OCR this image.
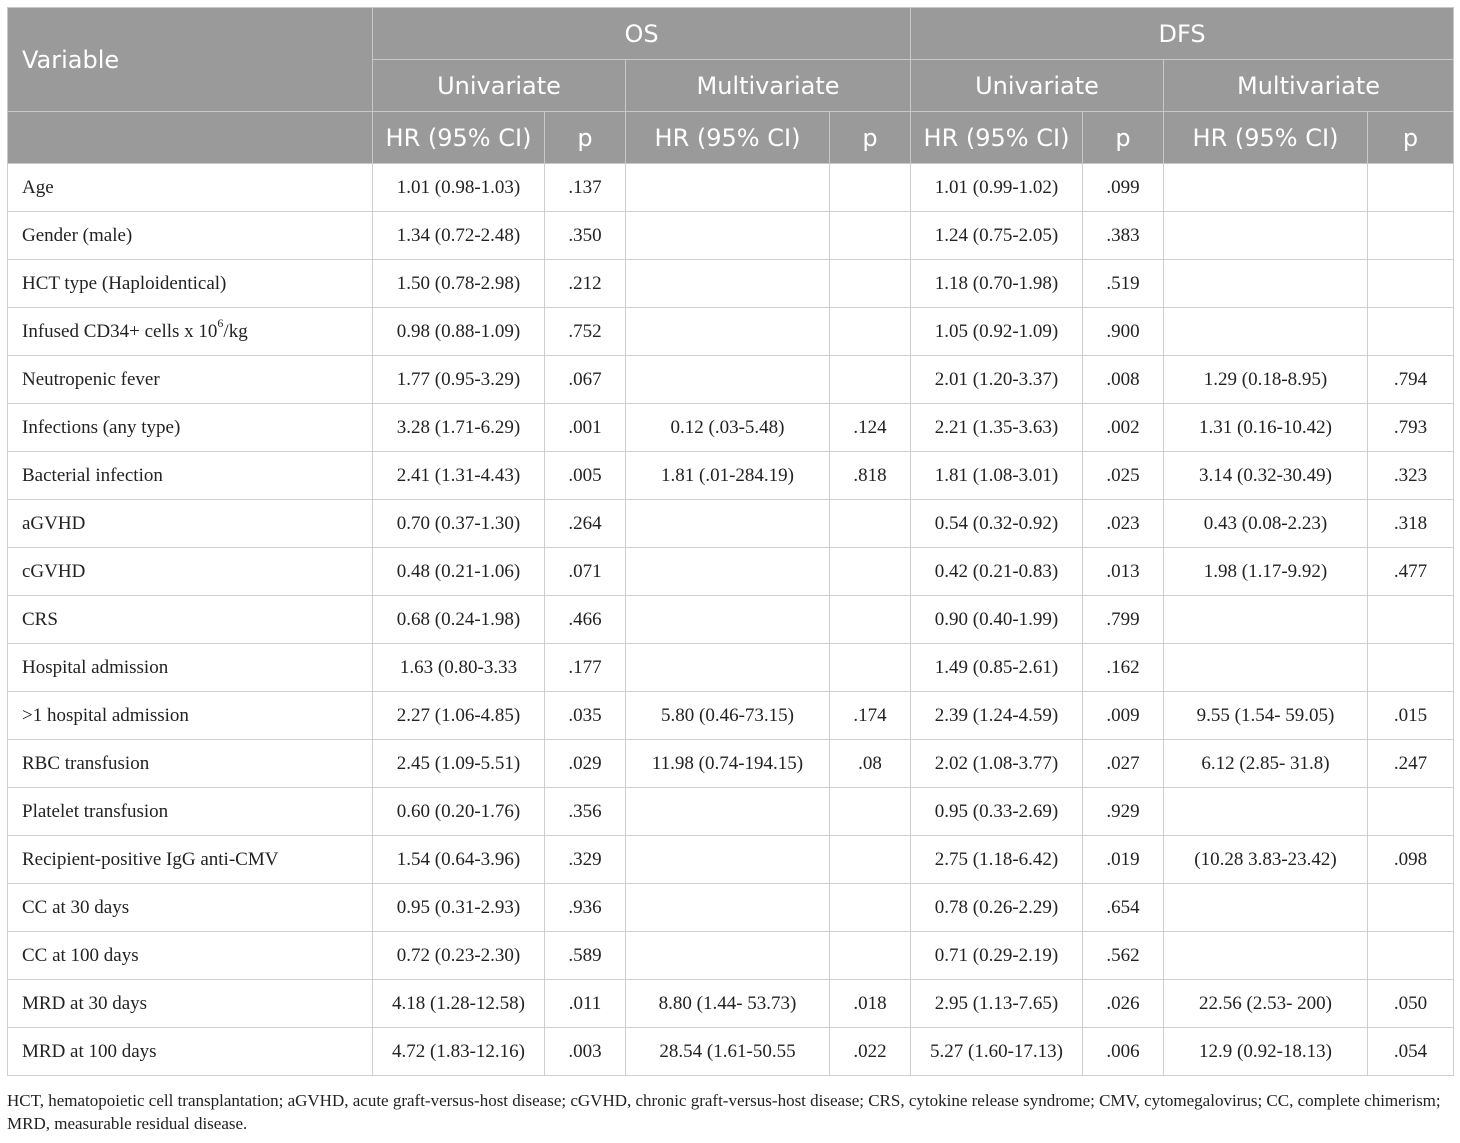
Variable	OS				DFS			
	Univariate		Multivariate		Univariate		Multivariate	
	HR (95% CI)	p	HR (95% CI)	p	HR (95% CI)	p	HR (95% CI)	p
Age	1.01 (0.98-1.03)	.137			1.01 (0.99-1.02)	.099		
Gender (male)	1.34 (0.72-2.48)	.350			1.24 (0.75-2.05)	.383		
HCT type (Haploidentical)	1.50 (0.78-2.98)	.212			1.18 (0.70-1.98)	.519		
Infused CD34+ cells x $10^6/kg$	0.98 (0.88-1.09)	.752			1.05 (0.92-1.09)	.900		
Neutropenic fever	1.77 (0.95-3.29)	.067			2.01 (1.20-3.37)	.008	1.29 (0.18-8.95)	.794
Infections (any type)	3.28 (1.71-6.29)	.001	0.12 (.03-5.48)	.124	2.21 (1.35-3.63)	.002	1.31 (0.16-10.42)	.793
Bacterial infection	2.41 (1.31-4.43)	.005	1.81 (.01-284.19)	.818	1.81 (1.08-3.01)	.025	3.14 (0.32-30.49)	.323
aGVHD	0.70 (0.37-1.30)	.264			0.54 (0.32-0.92)	.023	0.43 (0.08-2.23)	.318
cGVHD	0.48 (0.21-1.06)	.071			0.42 (0.21-0.83)	.013	1.98 (1.17-9.92)	.477
CRS	0.68 (0.24-1.98)	.466			0.90 (0.40-1.99)	.799		
Hospital admission	1.63 (0.80-3.33	.177			1.49 (0.85-2.61)	.162		
>1 hospital admission	2.27 (1.06-4.85)	.035	5.80 (0.46-73.15)	.174	2.39 (1.24-4.59)	.009	9.55 (1.54- 59.05)	.015
RBC transfusion	2.45 (1.09-5.51)	.029	11.98 (0.74-194.15)	.08	2.02 (1.08-3.77)	.027	6.12 (2.85- 31.8)	.247
Platelet transfusion	0.60 (0.20-1.76)	.356			0.95 (0.33-2.69)	.929		
Recipient-positive IgG anti-CMV	1.54 (0.64-3.96)	.329			2.75 (1.18-6.42)	.019	(10.28 3.83-23.42)	.098
CC at 30 days	0.95 (0.31-2.93)	.936			0.78 (0.26-2.29)	.654		
CC at 100 days	0.72 (0.23-2.30)	.589			0.71 (0.29-2.19)	.562		
MRD at 30 days	4.18 (1.28-12.58)	.011	8.80 (1.44- 53.73)	.018	2.95 (1.13-7.65)	.026	22.56 (2.53- 200)	.050
MRD at 100 days	4.72 (1.83-12.16)	.003	28.54 (1.61-50.55	.022	5.27 (1.60-17.13)	.006	12.9 (0.92-18.13)	.054
HCT, hematopoietic cell transplantation; aGVHD, acute graft-versus-host disease; cGVHD, chronic graft-versus-host disease; CRS, cytokine release syndrome; CMV, cytomegalovirus; CC, complete chimerism; MRD, measurable residual disease.
